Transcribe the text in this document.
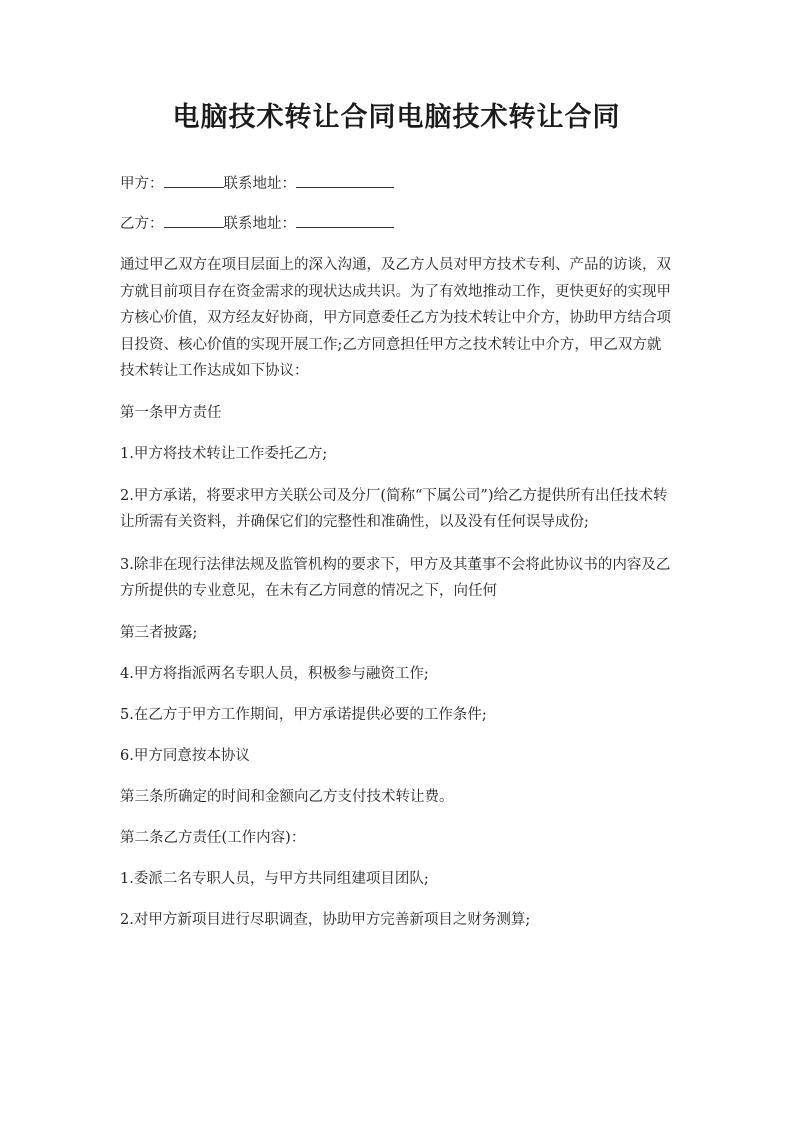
电脑技术转让合同电脑技术转让合同
甲方：	联系地址：
乙方：	联系地址：

通过甲乙双方在项目层面上的深入沟通，及乙方人员对甲方技术专利、产品的访谈，双方就目前项目存在资金需求的现状达成共识。为了有效地推动工作，更快更好的实现甲方核心价值，双方经友好协商，甲方同意委任乙方为技术转让中介方，协助甲方结合项目投资、核心价值的实现开展工作;乙方同意担任甲方之技术转让中介方，甲乙双方就技术转让工作达成如下协议：

第一条甲方责任

1.甲方将技术转让工作委托乙方;

2.甲方承诺，将要求甲方关联公司及分厂(简称“下属公司”)给乙方提供所有出任技术转让所需有关资料，并确保它们的完整性和准确性，以及没有任何误导成份;

3.除非在现行法律法规及监管机构的要求下，甲方及其董事不会将此协议书的内容及乙方所提供的专业意见，在未有乙方同意的情况之下，向任何

第三者披露;

4.甲方将指派两名专职人员，积极参与融资工作;

5.在乙方于甲方工作期间，甲方承诺提供必要的工作条件;

6.甲方同意按本协议

第三条所确定的时间和金额向乙方支付技术转让费。

第二条乙方责任(工作内容)：

1.委派二名专职人员，与甲方共同组建项目团队;

2.对甲方新项目进行尽职调查，协助甲方完善新项目之财务测算;
